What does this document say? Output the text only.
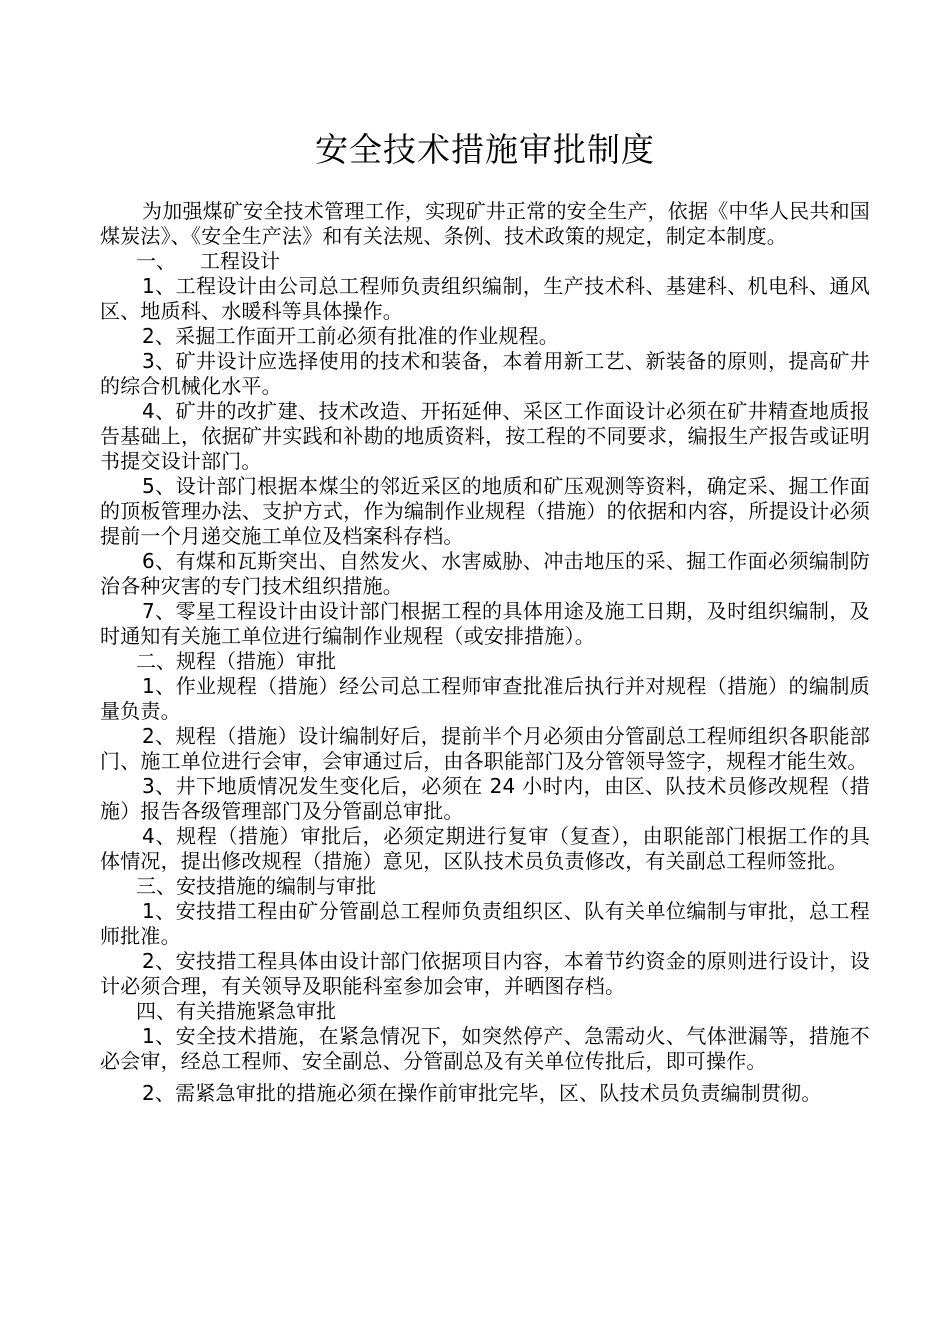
安全技术措施审批制度

为加强煤矿安全技术管理工作，实现矿井正常的安全生产，依据《中华人民共和国煤炭法》、《安全生产法》和有关法规、条例、技术政策的规定，制定本制度。

一、 工程设计

1、工程设计由公司总工程师负责组织编制，生产技术科、基建科、机电科、通风区、地质科、水暖科等具体操作。

2、采掘工作面开工前必须有批准的作业规程。

3、矿井设计应选择使用的技术和装备，本着用新工艺、新装备的原则，提高矿井的综合机械化水平。

4、矿井的改扩建、技术改造、开拓延伸、采区工作面设计必须在矿井精查地质报告基础上，依据矿井实践和补勘的地质资料，按工程的不同要求，编报生产报告或证明书提交设计部门。

5、设计部门根据本煤尘的邻近采区的地质和矿压观测等资料，确定采、掘工作面的顶板管理办法、支护方式，作为编制作业规程（措施）的依据和内容，所提设计必须提前一个月递交施工单位及档案科存档。

6、有煤和瓦斯突出、自然发火、水害威胁、冲击地压的采、掘工作面必须编制防治各种灾害的专门技术组织措施。

7、零星工程设计由设计部门根据工程的具体用途及施工日期，及时组织编制，及时通知有关施工单位进行编制作业规程（或安排措施）。

二、规程（措施）审批

1、作业规程（措施）经公司总工程师审查批准后执行并对规程（措施）的编制质量负责。

2、规程（措施）设计编制好后，提前半个月必须由分管副总工程师组织各职能部门、施工单位进行会审，会审通过后，由各职能部门及分管领导签字，规程才能生效。

3、井下地质情况发生变化后，必须在 24 小时内，由区、队技术员修改规程（措施）报告各级管理部门及分管副总审批。

4、规程（措施）审批后，必须定期进行复审（复查），由职能部门根据工作的具体情况，提出修改规程（措施）意见，区队技术员负责修改，有关副总工程师签批。

三、安技措施的编制与审批

1、安技措工程由矿分管副总工程师负责组织区、队有关单位编制与审批，总工程师批准。

2、安技措工程具体由设计部门依据项目内容，本着节约资金的原则进行设计，设计必须合理，有关领导及职能科室参加会审，并晒图存档。

四、有关措施紧急审批

1、安全技术措施，在紧急情况下，如突然停产、急需动火、气体泄漏等，措施不必会审，经总工程师、安全副总、分管副总及有关单位传批后，即可操作。

2、需紧急审批的措施必须在操作前审批完毕，区、队技术员负责编制贯彻。
